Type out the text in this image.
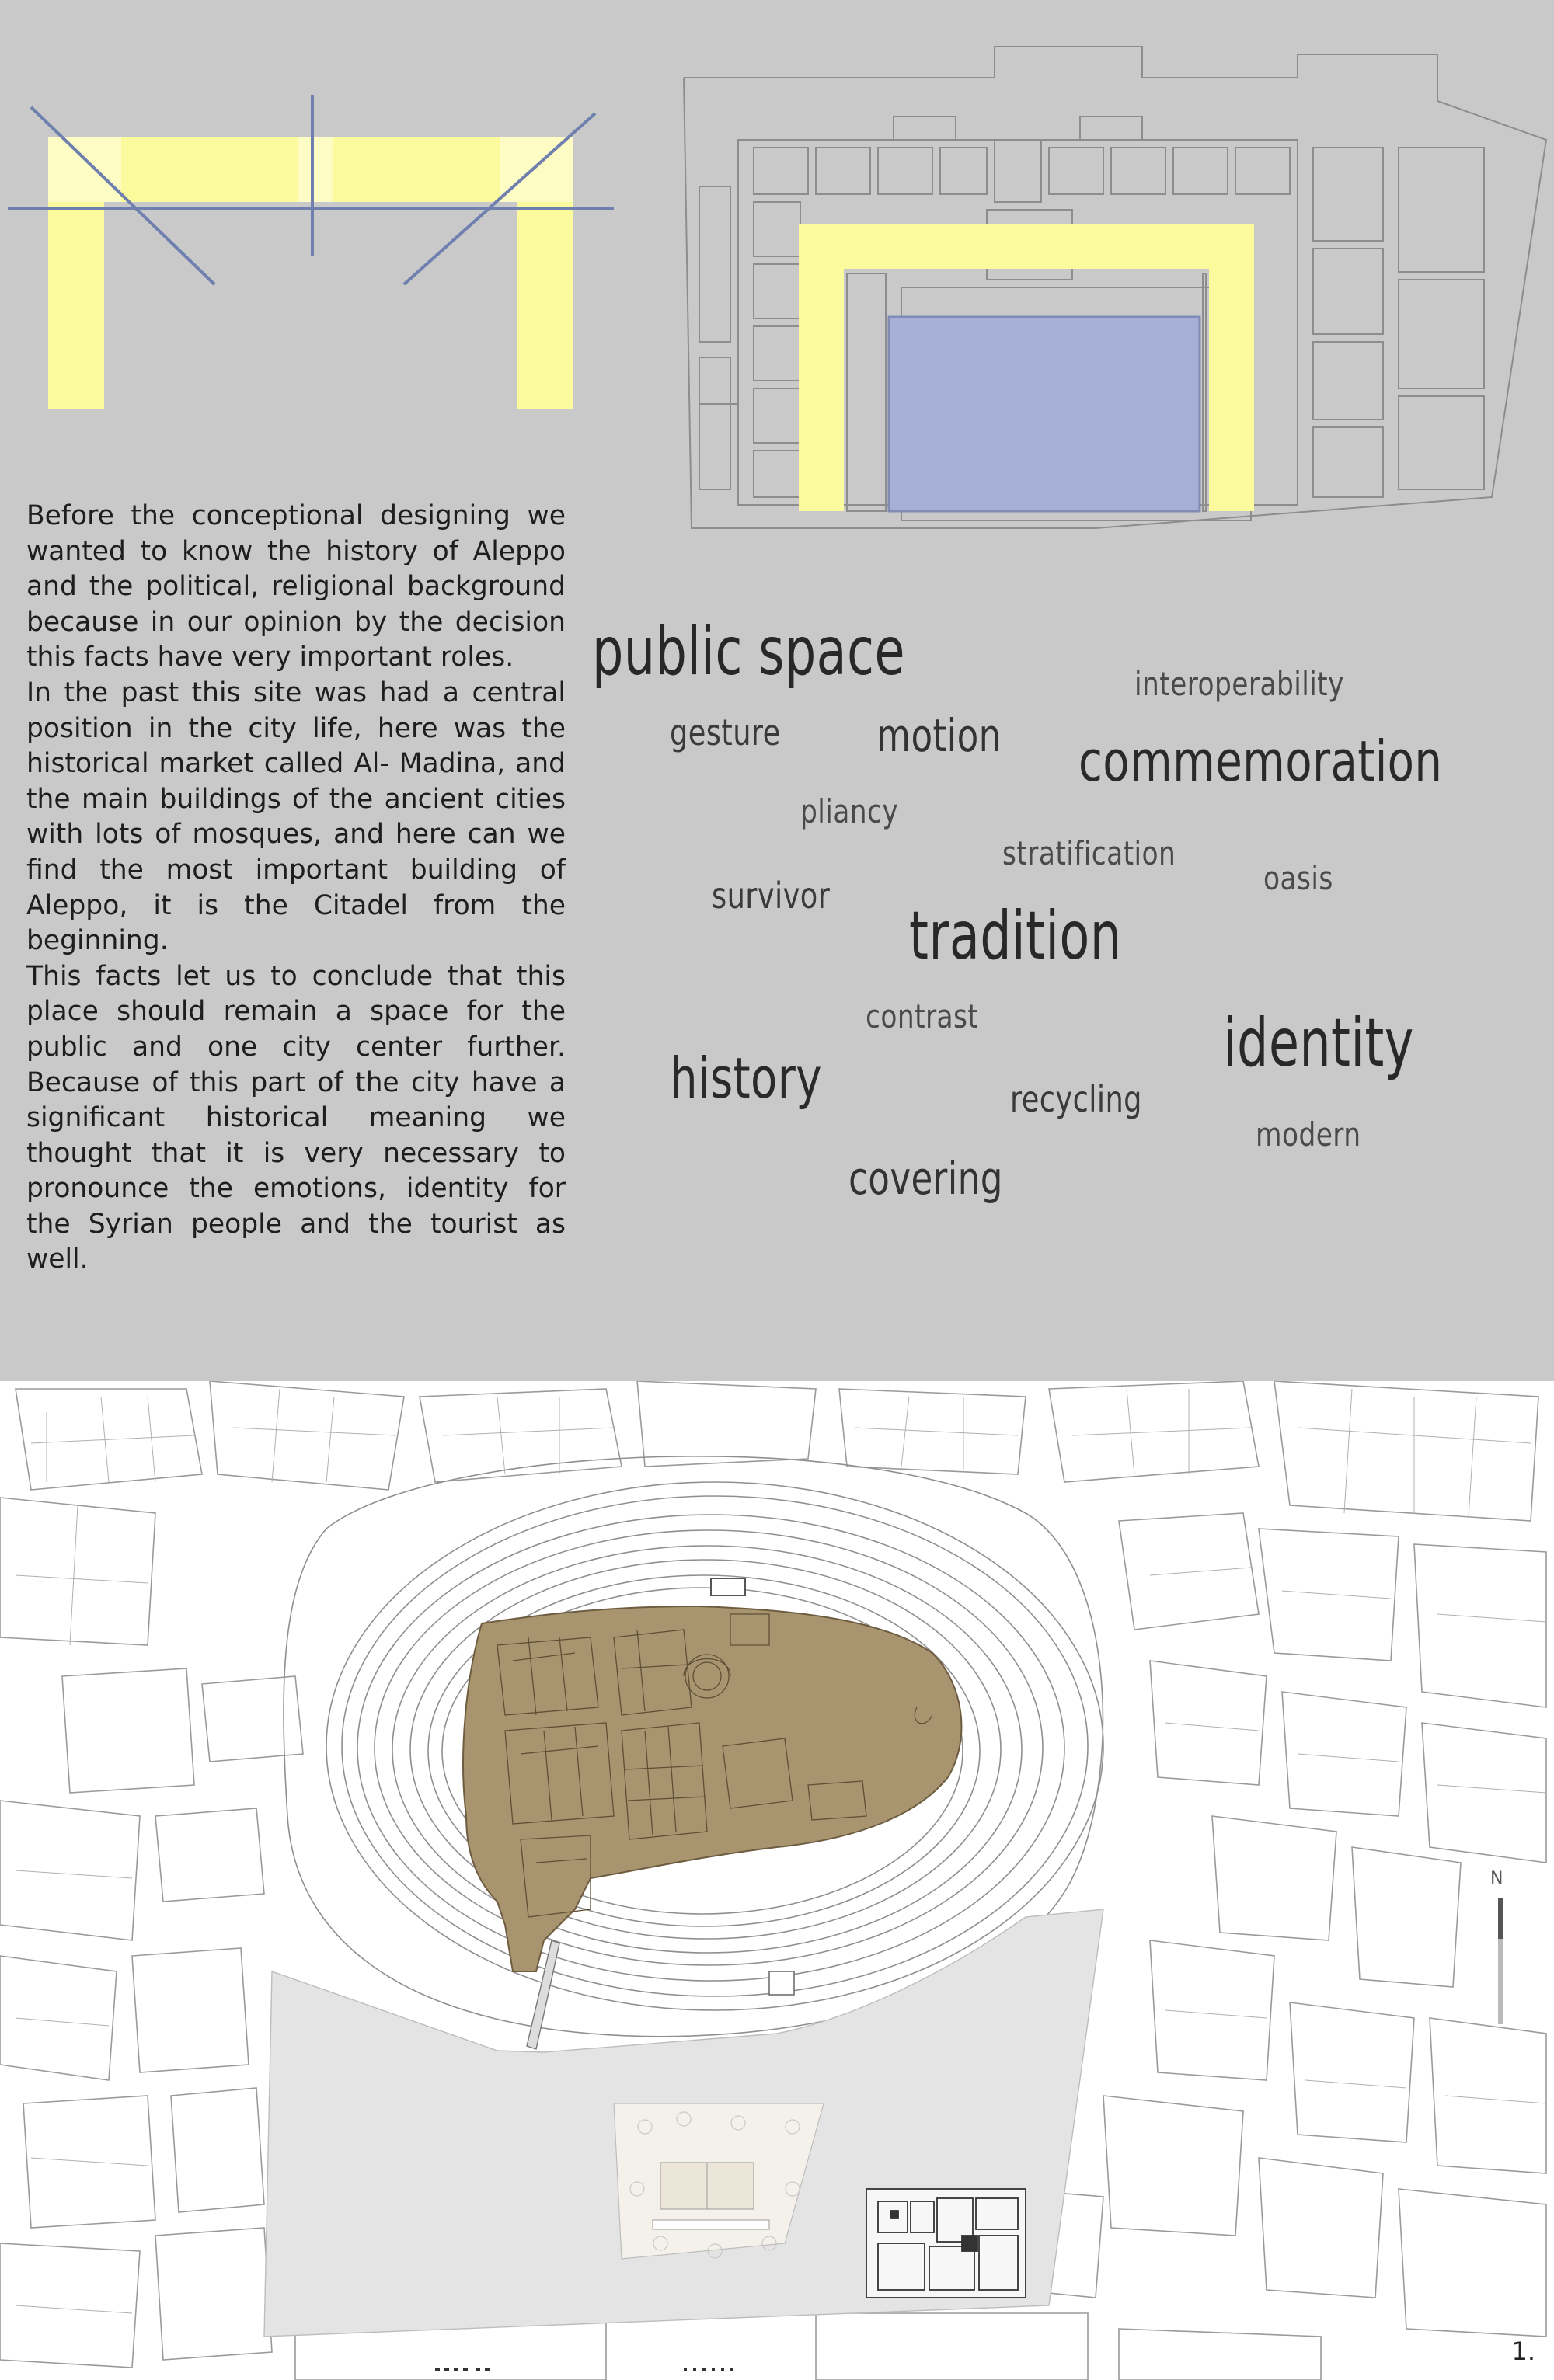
Before the conceptional designing we wanted to know the history of Aleppo and the political, religional background because in our opinion by the decision this facts have very important roles.

In the past this site was had a central position in the city life, here was the historical market called Al- Madina, and the main buildings of the ancient cities with lots of mosques, and here can we find the most important building of Aleppo, it is the Citadel from the beginning.

This facts let us to conclude that this place should remain a space for the public and one city center further. Because of this part of the city have a significant historical meaning we thought that it is very necessary to pronounce the emotions, identity for the Syrian people and the tourist as well.

public space	interoperability
gesture motion commemoration
pliancy
stratification
oasis
survivor
tradition
contrast	identity
history	recycling
modern
covering
N
1.
